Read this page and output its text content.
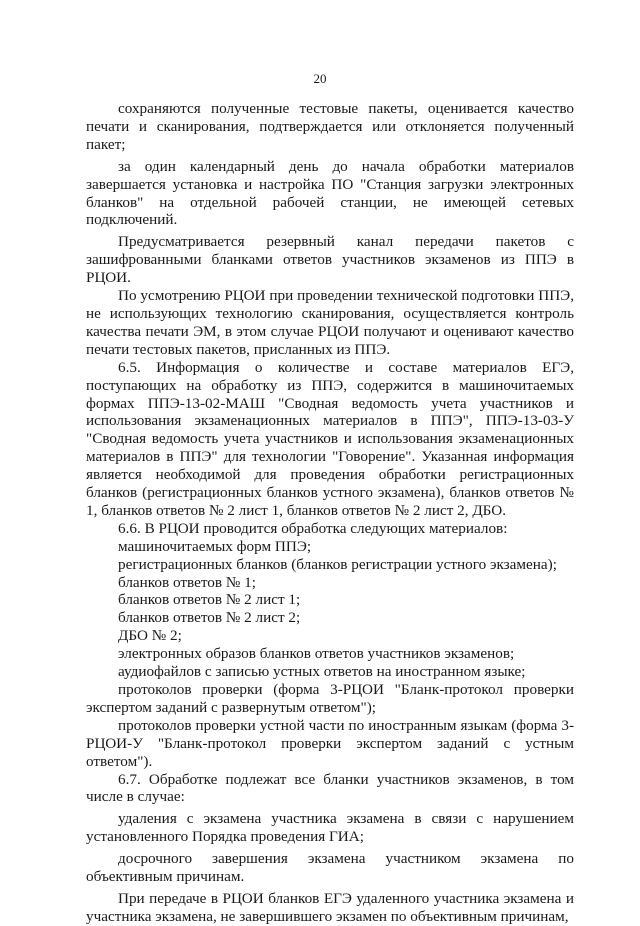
20

сохраняются полученные тестовые пакеты, оценивается качество печати и сканирования, подтверждается или отклоняется полученный пакет;

за один календарный день до начала обработки материалов завершается установка и настройка ПО "Станция загрузки электронных бланков" на отдельной рабочей станции, не имеющей сетевых подключений.

Предусматривается резервный канал передачи пакетов с зашифрованными бланками ответов участников экзаменов из ППЭ в РЦОИ.

По усмотрению РЦОИ при проведении технической подготовки ППЭ, не использующих технологию сканирования, осуществляется контроль качества печати ЭМ, в этом случае РЦОИ получают и оценивают качество печати тестовых пакетов, присланных из ППЭ.

6.5. Информация о количестве и составе материалов ЕГЭ, поступающих на обработку из ППЭ, содержится в машиночитаемых формах ППЭ-13-02-МАШ "Сводная ведомость учета участников и использования экзаменационных материалов в ППЭ", ППЭ-13-03-У "Сводная ведомость учета участников и использования экзаменационных материалов в ППЭ" для технологии "Говорение". Указанная информация является необходимой для проведения обработки регистрационных бланков (регистрационных бланков устного экзамена), бланков ответов № 1, бланков ответов № 2 лист 1, бланков ответов № 2 лист 2, ДБО.

6.6. В РЦОИ проводится обработка следующих материалов:

машиночитаемых форм ППЭ;

регистрационных бланков (бланков регистрации устного экзамена);

бланков ответов № 1;

бланков ответов № 2 лист 1;

бланков ответов № 2 лист 2;

ДБО № 2;

электронных образов бланков ответов участников экзаменов;

аудиофайлов с записью устных ответов на иностранном языке;

протоколов проверки (форма 3-РЦОИ "Бланк-протокол проверки экспертом заданий с развернутым ответом");

протоколов проверки устной части по иностранным языкам (форма 3-РЦОИ-У "Бланк-протокол проверки экспертом заданий с устным ответом").

6.7. Обработке подлежат все бланки участников экзаменов, в том числе в случае:

удаления с экзамена участника экзамена в связи с нарушением установленного Порядка проведения ГИА;

досрочного завершения экзамена участником экзамена по объективным причинам.

При передаче в РЦОИ бланков ЕГЭ удаленного участника экзамена и участника экзамена, не завершившего экзамен по объективным причинам,
